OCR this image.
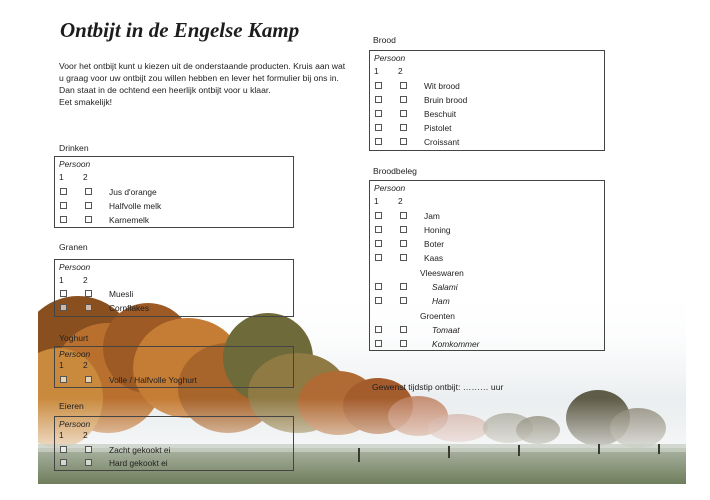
Ontbijt in de Engelse Kamp

Voor het ontbijt kunt u kiezen uit de onderstaande producten. Kruis aan wat u graag voor uw ontbijt zou willen hebben en lever het formulier bij ons in. Dan staat in de ochtend een heerlijk ontbijt voor u klaar.

Eet smakelijk!

Drinken
Persoon
1 2
Jus d'orange
Halfvolle melk
Karnemelk
Granen
Persoon
1 2
Muesli
Cornflakes
Yoghurt
Persoon
1 2
Volle / Halfvolle Yoghurt
Eieren
Persoon
1 2
Zacht gekookt ei
Hard gekookt ei
Brood
Persoon
1 2
Wit brood
Bruin brood
Beschuit
Pistolet
Croissant
Broodbeleg
Persoon
1 2
Jam
Honing
Boter
Kaas
Vleeswaren
Salami
Ham
Groenten
Tomaat
Komkommer
Gewenst tijdstip ontbijt: ……… uur
